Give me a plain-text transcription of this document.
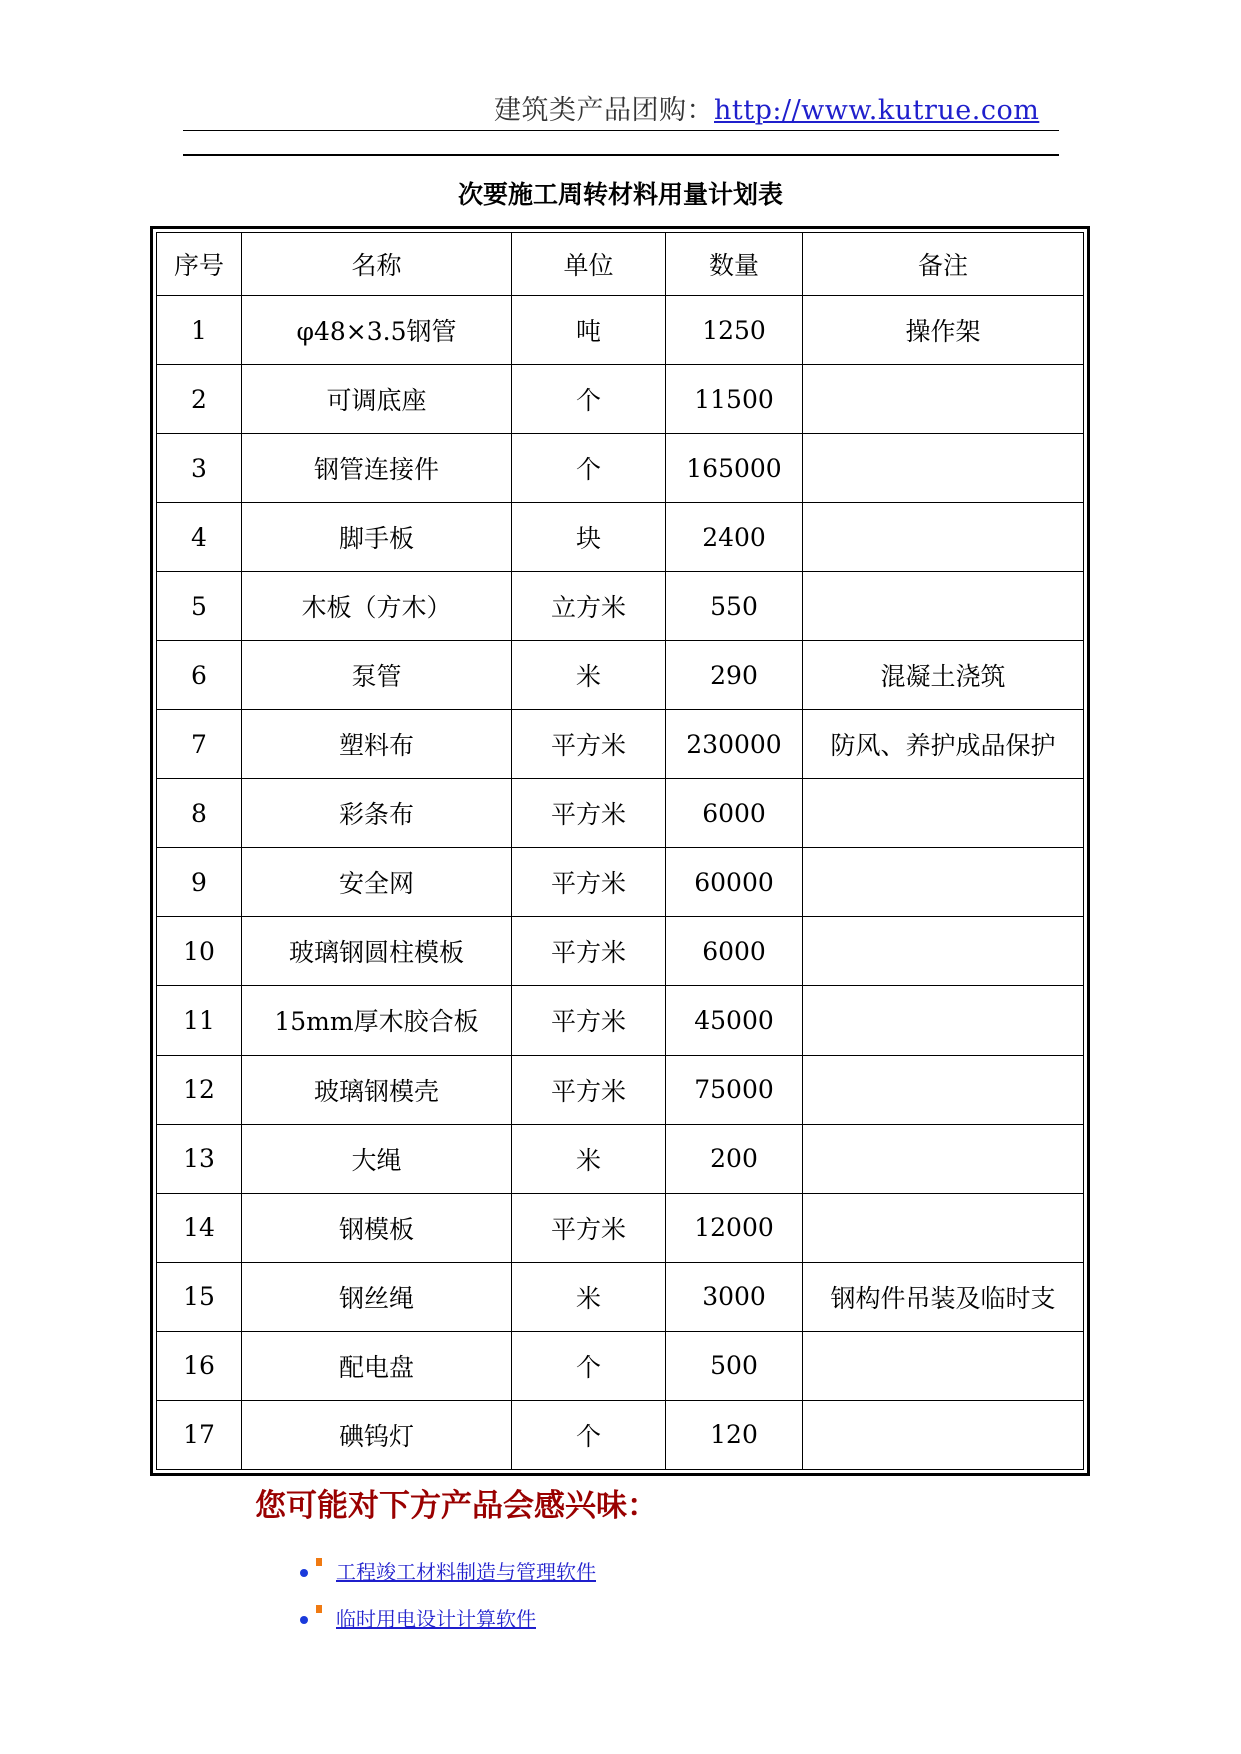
建筑类产品团购：http://www.kutrue.com
次要施工周转材料用量计划表
序号	名称	单位	数量	备注
1	φ48×3.5钢管	吨	1250	操作架
2	可调底座	个	11500	
3	钢管连接件	个	165000	
4	脚手板	块	2400	
5	木板（方木）	立方米	550	
6	泵管	米	290	混凝土浇筑
7	塑料布	平方米	230000	防风、养护成品保护
8	彩条布	平方米	6000	
9	安全网	平方米	60000	
10	玻璃钢圆柱模板	平方米	6000	
11	15mm厚木胶合板	平方米	45000	
12	玻璃钢模壳	平方米	75000	
13	大绳	米	200	
14	钢模板	平方米	12000	
15	钢丝绳	米	3000	钢构件吊装及临时支
16	配电盘	个	500	
17	碘钨灯	个	120	
您可能对下方产品会感兴味：
工程竣工材料制造与管理软件
临时用电设计计算软件
